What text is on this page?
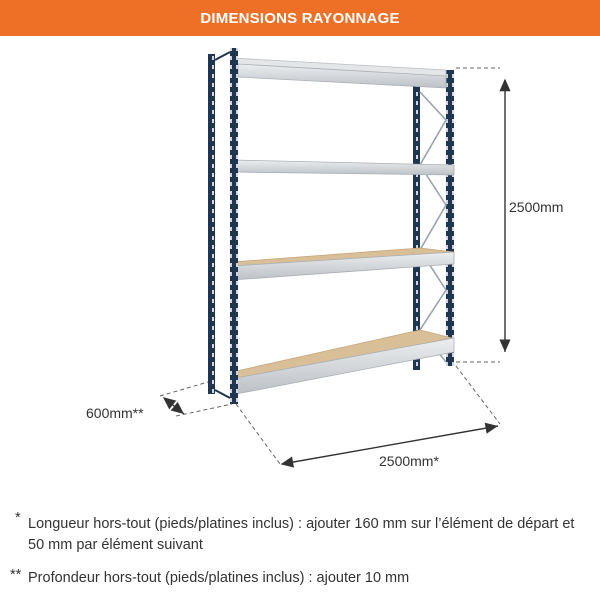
DIMENSIONS RAYONNAGE
2500mm
600mm**
2500mm*
* Longueur hors-tout (pieds/platines inclus) : ajouter 160 mm sur l’élément de départ et 50 mm par élément suivant
** Profondeur hors-tout (pieds/platines inclus) : ajouter 10 mm
